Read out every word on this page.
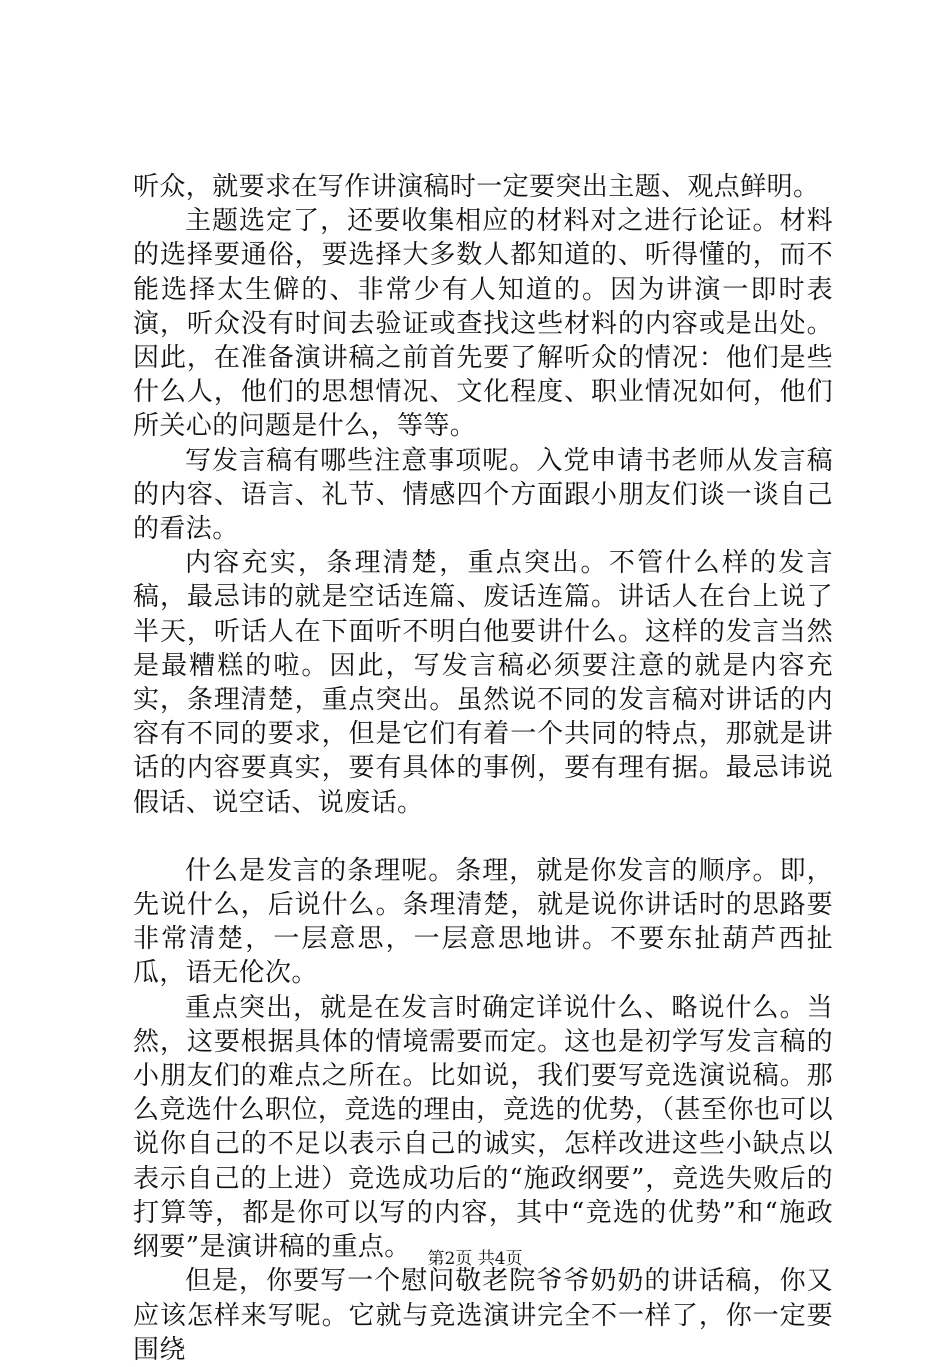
听众，就要求在写作讲演稿时一定要突出主题、观点鲜明。

主题选定了，还要收集相应的材料对之进行论证。材料的选择要通俗，要选择大多数人都知道的、听得懂的，而不能选择太生僻的、非常少有人知道的。因为讲演一即时表演，听众没有时间去验证或查找这些材料的内容或是出处。因此，在准备演讲稿之前首先要了解听众的情况：他们是些什么人，他们的思想情况、文化程度、职业情况如何，他们所关心的问题是什么，等等。

写发言稿有哪些注意事项呢。入党申请书老师从发言稿的内容、语言、礼节、情感四个方面跟小朋友们谈一谈自己的看法。

内容充实，条理清楚，重点突出。不管什么样的发言稿，最忌讳的就是空话连篇、废话连篇。讲话人在台上说了半天，听话人在下面听不明白他要讲什么。这样的发言当然是最糟糕的啦。因此，写发言稿必须要注意的就是内容充实，条理清楚，重点突出。虽然说不同的发言稿对讲话的内容有不同的要求，但是它们有着一个共同的特点，那就是讲话的内容要真实，要有具体的事例，要有理有据。最忌讳说假话、说空话、说废话。

什么是发言的条理呢。条理，就是你发言的顺序。即，先说什么，后说什么。条理清楚，就是说你讲话时的思路要非常清楚，一层意思，一层意思地讲。不要东扯葫芦西扯瓜，语无伦次。

重点突出，就是在发言时确定详说什么、略说什么。当然，这要根据具体的情境需要而定。这也是初学写发言稿的小朋友们的难点之所在。比如说，我们要写竞选演说稿。那么竞选什么职位，竞选的理由，竞选的优势，（甚至你也可以说你自己的不足以表示自己的诚实，怎样改进这些小缺点以表示自己的上进）竞选成功后的“施政纲要”，竞选失败后的打算等，都是你可以写的内容，其中“竞选的优势”和“施政纲要”是演讲稿的重点。

但是，你要写一个慰问敬老院爷爷奶奶的讲话稿，你又应该怎样来写呢。它就与竞选演讲完全不一样了，你一定要围绕

第2页 共4页
